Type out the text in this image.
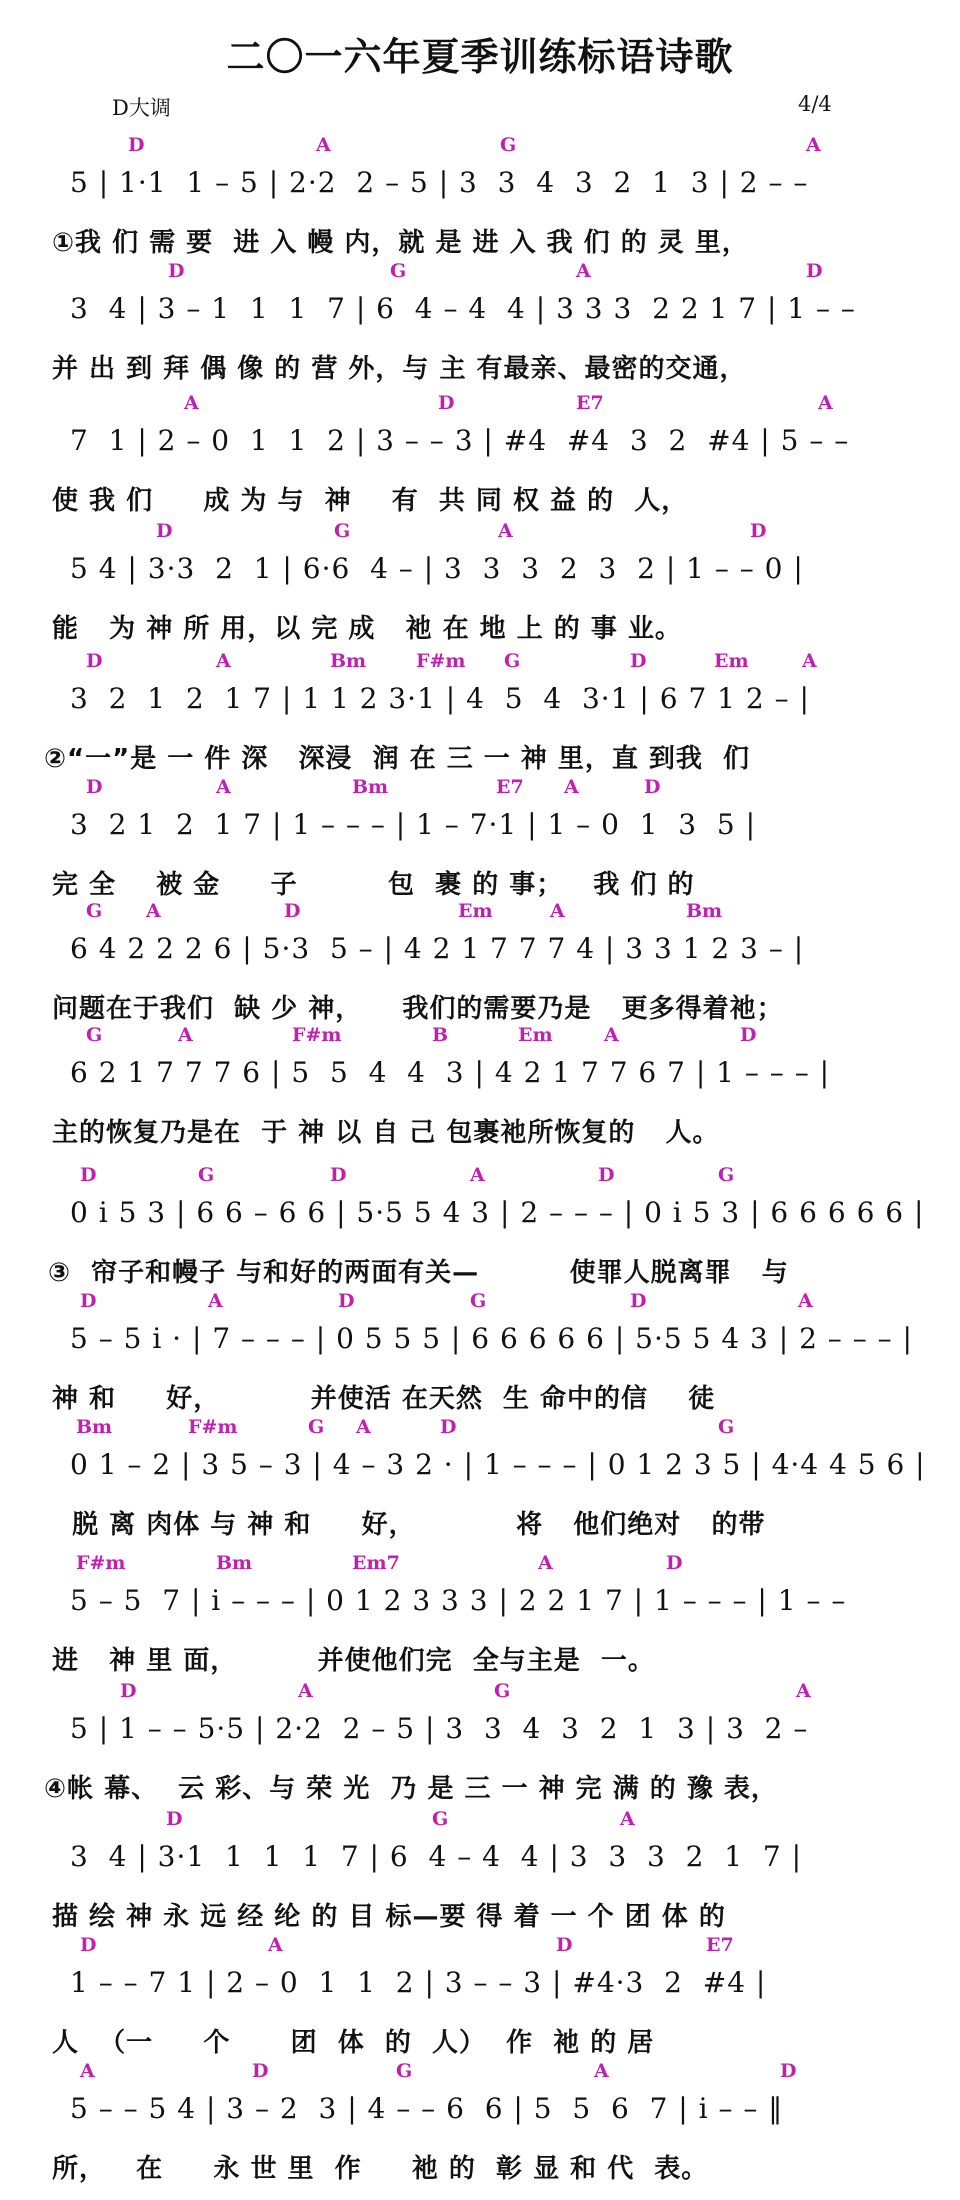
二〇一六年夏季训练标语诗歌
D大调	4/4
D	A	G	A
5 | 1·1  1 – 5 | 2·2  2 – 5 | 3  3  4  3  2  1  3 | 2 – –
①我 们 需 要  进 入 幔 内，就 是 进 入 我 们 的 灵 里，
D	G	A	D
3  4 | 3 – 1  1  1  7 | 6  4 – 4  4 | 3 3 3  2 2 1 7 | 1 – –
并 出 到 拜 偶 像 的 营 外，与 主 有最亲、最密的交通，
A	D	E7	A
7  1 | 2 – 0  1  1  2 | 3 – – 3 | #4  #4  3  2  #4 | 5 – –
使 我 们     成 为 与  神    有  共 同 权 益 的  人，
D	G	A	D
5 4 | 3·3  2  1 | 6·6  4 – | 3  3  3  2  3  2 | 1 – – 0 |
能   为 神 所 用，以 完 成   祂 在 地 上 的 事 业。
D	A	Bm	F#m G	D	Em	A
3  2  1  2  1 7 | 1 1 2 3·1 | 4  5  4  3·1 | 6 7 1 2 – |
②“一”是 一 件 深   深浸  润 在 三 一 神 里，直 到我  们
D	A	Bm	E7 A	D
3  2 1  2  1 7 | 1 – – – | 1 – 7·1 | 1 – 0  1  3  5 |
完 全    被 金     子         包  裹 的 事；   我 们 的
G A	D	Em	A	Bm
6 4 2 2 2 6 | 5·3  5 – | 4 2 1 7 7 7 4 | 3 3 1 2 3 – |
问题在于我们  缺 少 神，    我们的需要乃是   更多得着祂；
G	A	F#m	B	Em	A	D
6 2 1 7 7 7 6 | 5  5  4  4  3 | 4 2 1 7 7 6 7 | 1 – – – |
主的恢复乃是在  于 神 以 自 己 包裹祂所恢复的   人。
D	G	D	A	D	G
0 i 5 3 | 6 6 – 6 6 | 5·5 5 4 3 | 2 – – – | 0 i 5 3 | 6 6 6 6 6 |
③  帘子和幔子 与和好的两面有关—         使罪人脱离罪   与
D	A	D	G	D	A
5 – 5 i · | 7 – – – | 0 5 5 5 | 6 6 6 6 6 | 5·5 5 4 3 | 2 – – – |
神 和     好，         并使活 在天然  生 命中的信    徒
Bm	F#m	G A	D	G
0 1 – 2 | 3 5 – 3 | 4 – 3 2 · | 1 – – – | 0 1 2 3 5 | 4·4 4 5 6 |
脱 离 肉体 与 神 和     好，          将   他们绝对   的带
F#m	Bm	Em7	A	D
5 – 5  7 | i – – – | 0 1 2 3 3 3 | 2 2 1 7 | 1 – – – | 1 – –
进   神 里 面，        并使他们完  全与主是  一。
D	A	G	A
5 | 1 – – 5·5 | 2·2  2 – 5 | 3  3  4  3  2  1  3 | 3  2 –
④帐 幕、  云 彩、与 荣 光  乃 是 三 一 神 完 满 的 豫 表，
D	G	A
3  4 | 3·1  1  1  1  7 | 6  4 – 4  4 | 3  3  3  2  1  7 |
描 绘 神 永 远 经 纶 的 目 标—要 得 着 一 个 团 体 的
D	A	D	E7
1 – – 7 1 | 2 – 0  1  1  2 | 3 – – 3 | #4·3  2  #4 |
人  （一     个      团  体  的  人）  作  祂 的 居
A	D	G	A	D
5 – – 5 4 | 3 – 2  3 | 4 – – 6  6 | 5  5  6  7 | i – – ‖
所，   在     永 世 里  作     祂 的  彰 显 和 代  表。
